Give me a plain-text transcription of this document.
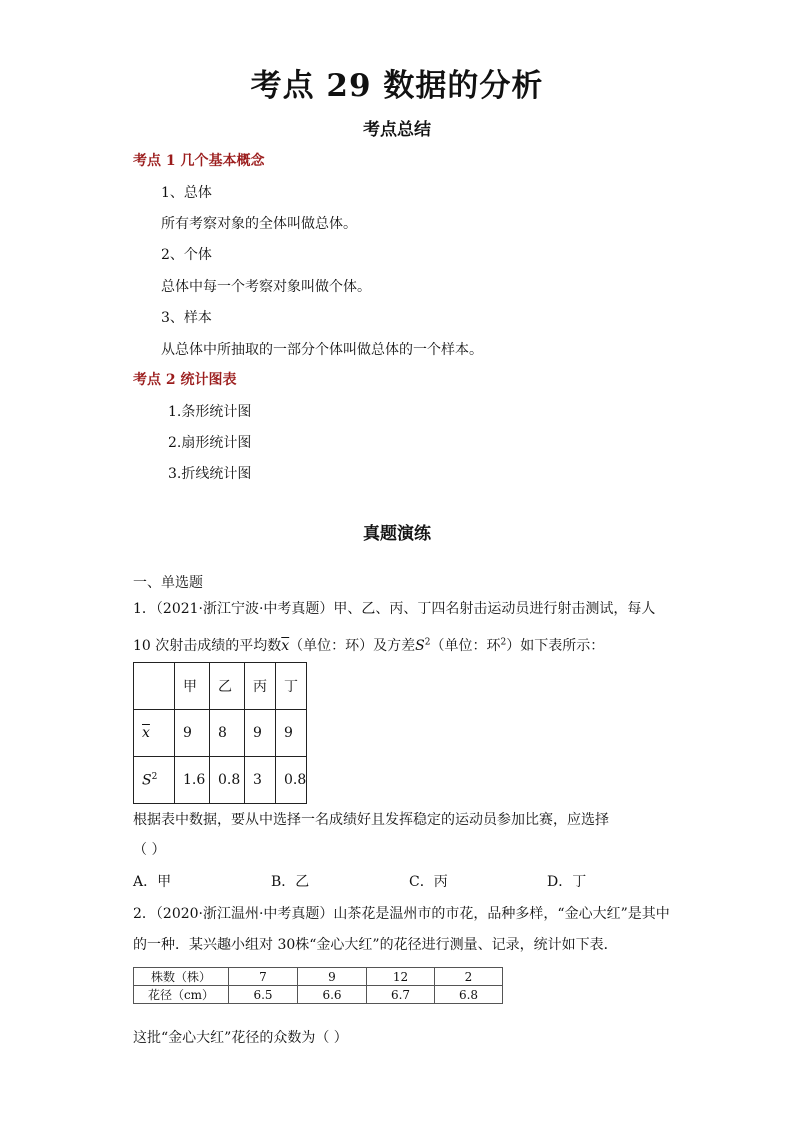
考点 29 数据的分析
考点总结
考点 1 几个基本概念
1、总体
所有考察对象的全体叫做总体。
2、个体
总体中每一个考察对象叫做个体。
3、样本
从总体中所抽取的一部分个体叫做总体的一个样本。
考点 2 统计图表
1.条形统计图
2.扇形统计图
3.折线统计图
真题演练
一、单选题
1．（2021·浙江宁波·中考真题）甲、乙、丙、丁四名射击运动员进行射击测试，每人
10 次射击成绩的平均数$\overline{x}$（单位：环）及方差$S^2$（单位：环$^2$）如下表所示：
	甲	乙	丙	丁
$\overline{x}$	9	8	9	9
$S^2$	1.6	0.8	3	0.8
根据表中数据，要从中选择一名成绩好且发挥稳定的运动员参加比赛，应选择
（ ）
A．甲	B．乙	C．丙	D．丁
2．（2020·浙江温州·中考真题）山茶花是温州市的市花，品种多样，“金心大红”是其中
的一种．某兴趣小组对 30株“金心大红”的花径进行测量、记录，统计如下表．
株数（株）	7	9	12	2
花径（cm）	6.5	6.6	6.7	6.8
这批“金心大红”花径的众数为（ ）
